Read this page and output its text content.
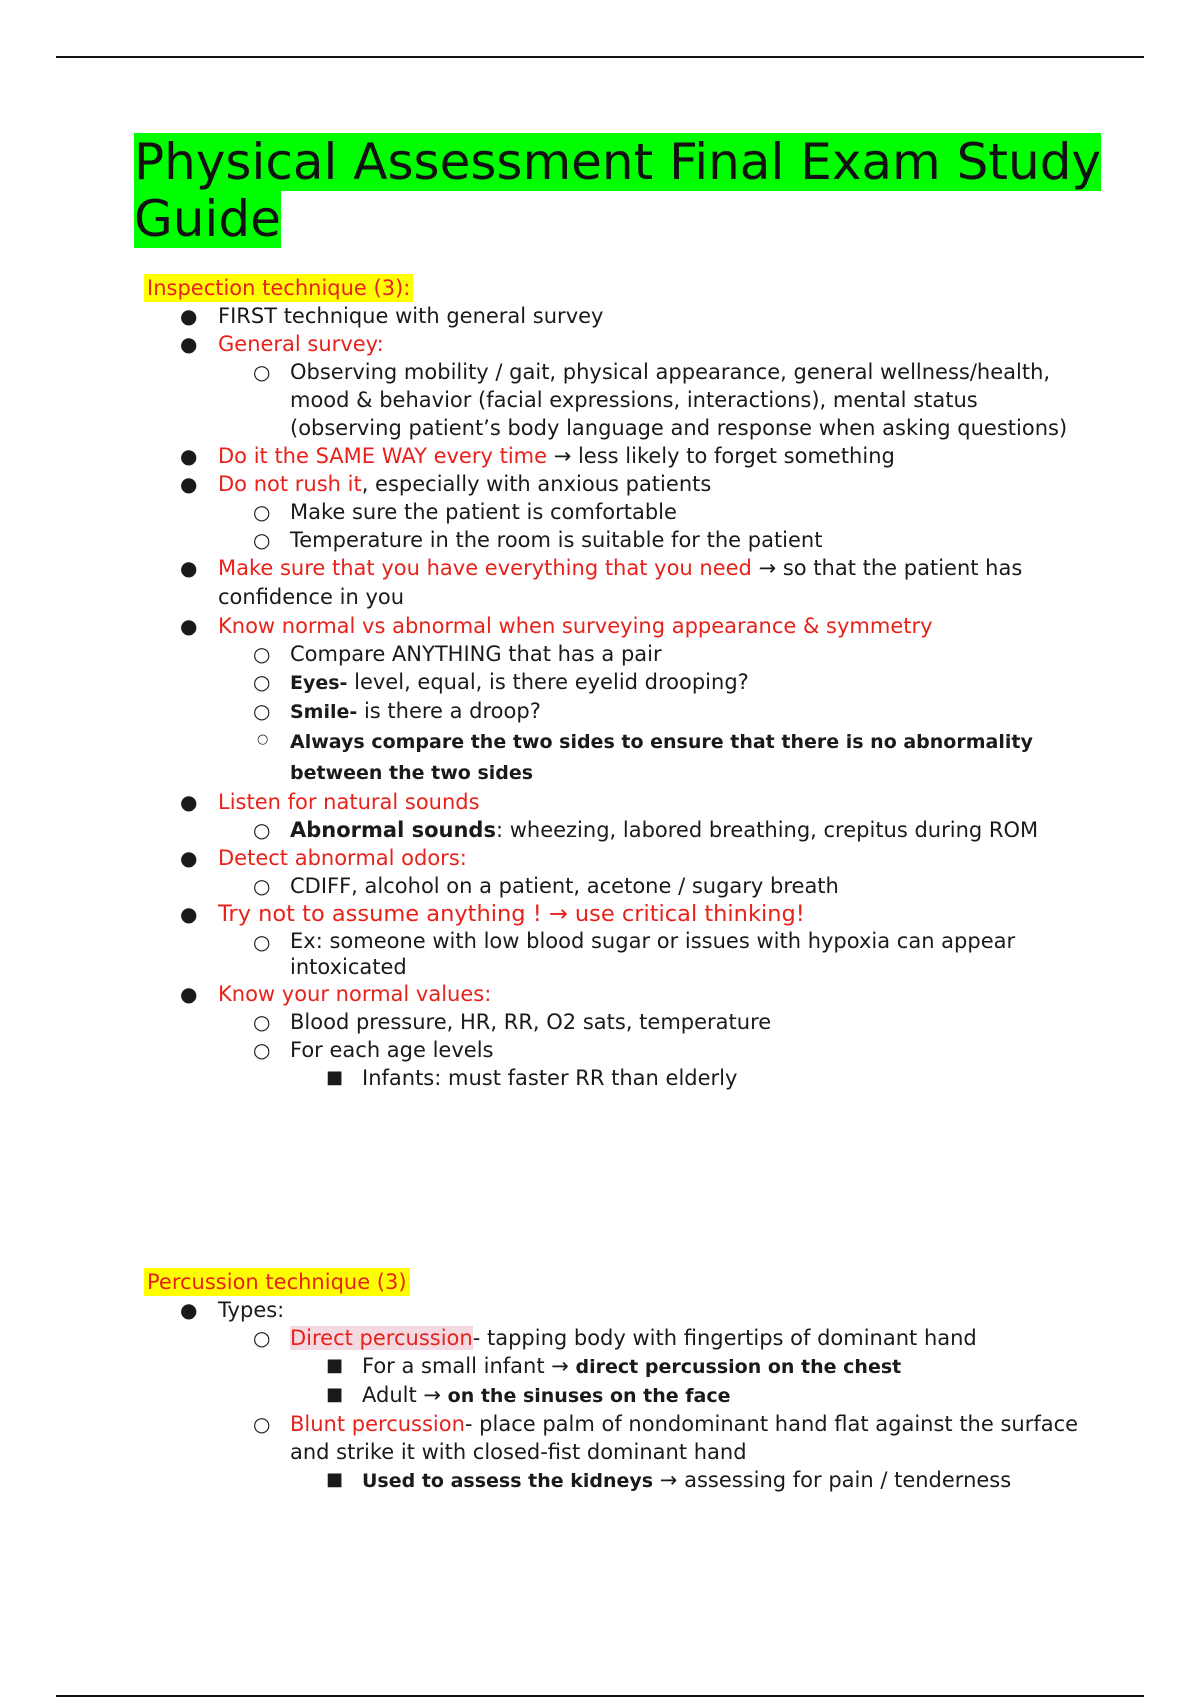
Physical Assessment Final Exam Study Guide
Inspection technique (3):
● FIRST technique with general survey
● General survey:
○ Observing mobility / gait, physical appearance, general wellness/health, mood & behavior (facial expressions, interactions), mental status (observing patient’s body language and response when asking questions)
● Do it the SAME WAY every time → less likely to forget something
● Do not rush it, especially with anxious patients
○ Make sure the patient is comfortable
○ Temperature in the room is suitable for the patient
● Make sure that you have everything that you need → so that the patient has confidence in you
● Know normal vs abnormal when surveying appearance & symmetry
○ Compare ANYTHING that has a pair
○ Eyes- level, equal, is there eyelid drooping?
○ Smile- is there a droop?
○ Always compare the two sides to ensure that there is no abnormality between the two sides
● Listen for natural sounds
○ Abnormal sounds: wheezing, labored breathing, crepitus during ROM
● Detect abnormal odors:
○ CDIFF, alcohol on a patient, acetone / sugary breath
● Try not to assume anything ! → use critical thinking!
○ Ex: someone with low blood sugar or issues with hypoxia can appear intoxicated
● Know your normal values:
○ Blood pressure, HR, RR, O2 sats, temperature
○ For each age levels
■ Infants: must faster RR than elderly
Percussion technique (3)
● Types:
○ Direct percussion- tapping body with fingertips of dominant hand
■ For a small infant → direct percussion on the chest
■ Adult → on the sinuses on the face
○ Blunt percussion- place palm of nondominant hand flat against the surface and strike it with closed-fist dominant hand
■ Used to assess the kidneys → assessing for pain / tenderness
